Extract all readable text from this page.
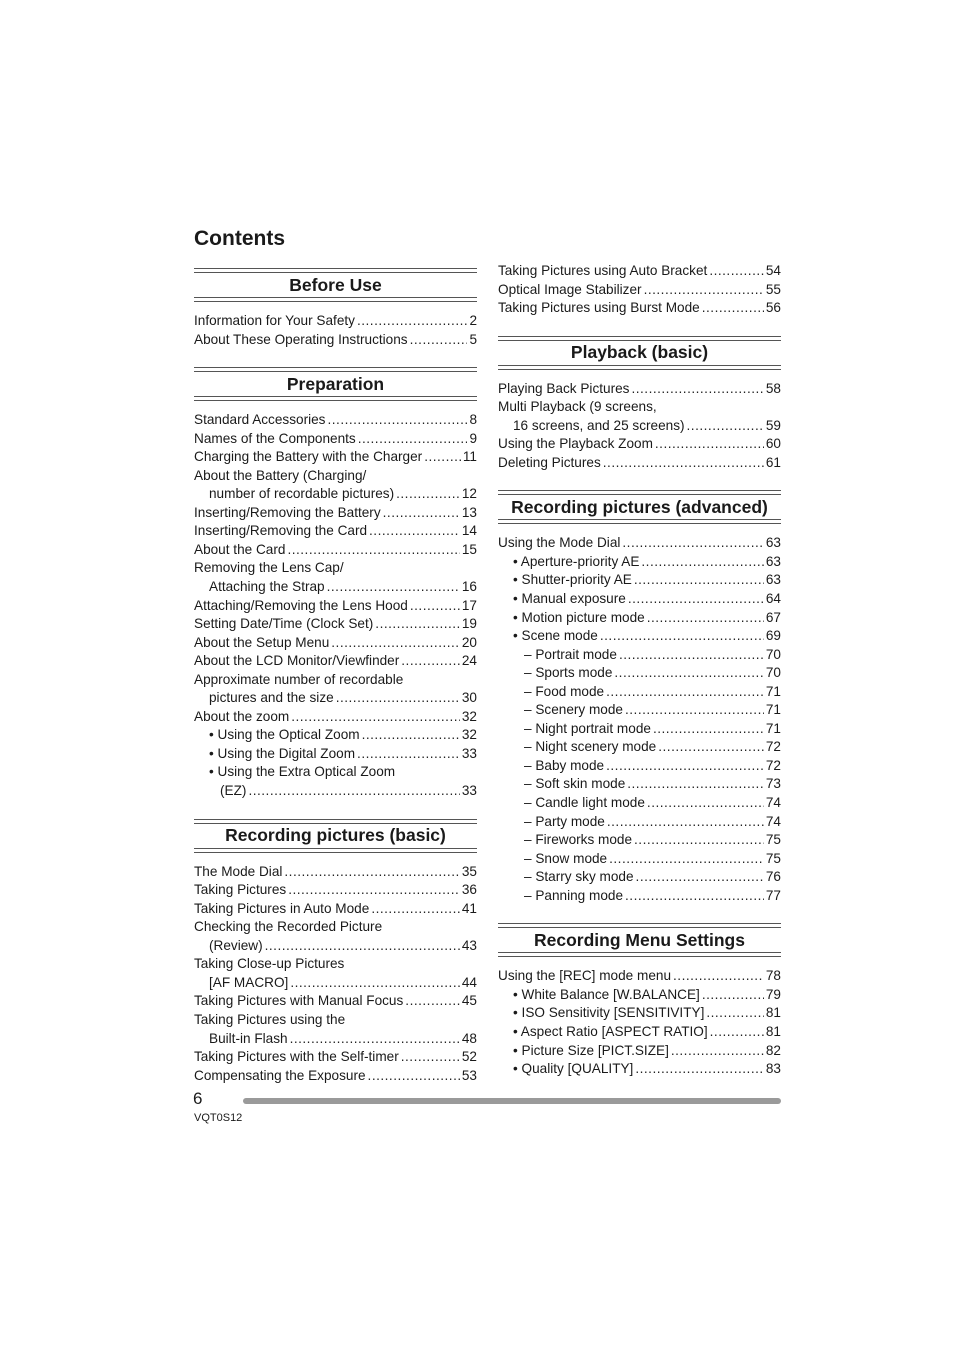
Contents
Before Use
Information for Your Safety .....	2
About These Operating Instructions .....	5
Preparation
Standard Accessories .....	8
Names of the Components .....	9
Charging the Battery with the Charger .....	11
About the Battery (Charging/
number of recordable pictures) .....	12
Inserting/Removing the Battery .....	13
Inserting/Removing the Card .....	14
About the Card .....	15
Removing the Lens Cap/
Attaching the Strap .....	16
Attaching/Removing the Lens Hood .....	17
Setting Date/Time (Clock Set) .....	19
About the Setup Menu .....	20
About the LCD Monitor/Viewfinder .....	24
Approximate number of recordable
pictures and the size .....	30
About the zoom .....	32
• Using the Optical Zoom .....	32
• Using the Digital Zoom .....	33
• Using the Extra Optical Zoom
(EZ) .....	33
Recording pictures (basic)
The Mode Dial .....	35
Taking Pictures .....	36
Taking Pictures in Auto Mode .....	41
Checking the Recorded Picture
(Review) .....	43
Taking Close-up Pictures
[AF MACRO] .....	44
Taking Pictures with Manual Focus .....	45
Taking Pictures using the
Built-in Flash .....	48
Taking Pictures with the Self-timer .....	52
Compensating the Exposure .....	53
Taking Pictures using Auto Bracket .....	54
Optical Image Stabilizer .....	55
Taking Pictures using Burst Mode .....	56
Playback (basic)
Playing Back Pictures .....	58
Multi Playback (9 screens,
16 screens, and 25 screens) .....	59
Using the Playback Zoom .....	60
Deleting Pictures .....	61
Recording pictures (advanced)
Using the Mode Dial .....	63
• Aperture-priority AE .....	63
• Shutter-priority AE .....	63
• Manual exposure .....	64
• Motion picture mode .....	67
• Scene mode .....	69
– Portrait mode .....	70
– Sports mode .....	70
– Food mode .....	71
– Scenery mode .....	71
– Night portrait mode .....	71
– Night scenery mode .....	72
– Baby mode .....	72
– Soft skin mode .....	73
– Candle light mode .....	74
– Party mode .....	74
– Fireworks mode .....	75
– Snow mode .....	75
– Starry sky mode .....	76
– Panning mode .....	77
Recording Menu Settings
Using the [REC] mode menu .....	78
• White Balance [W.BALANCE] .....	79
• ISO Sensitivity [SENSITIVITY] .....	81
• Aspect Ratio [ASPECT RATIO] .....	81
• Picture Size [PICT.SIZE] .....	82
• Quality [QUALITY] .....	83
6
VQT0S12
